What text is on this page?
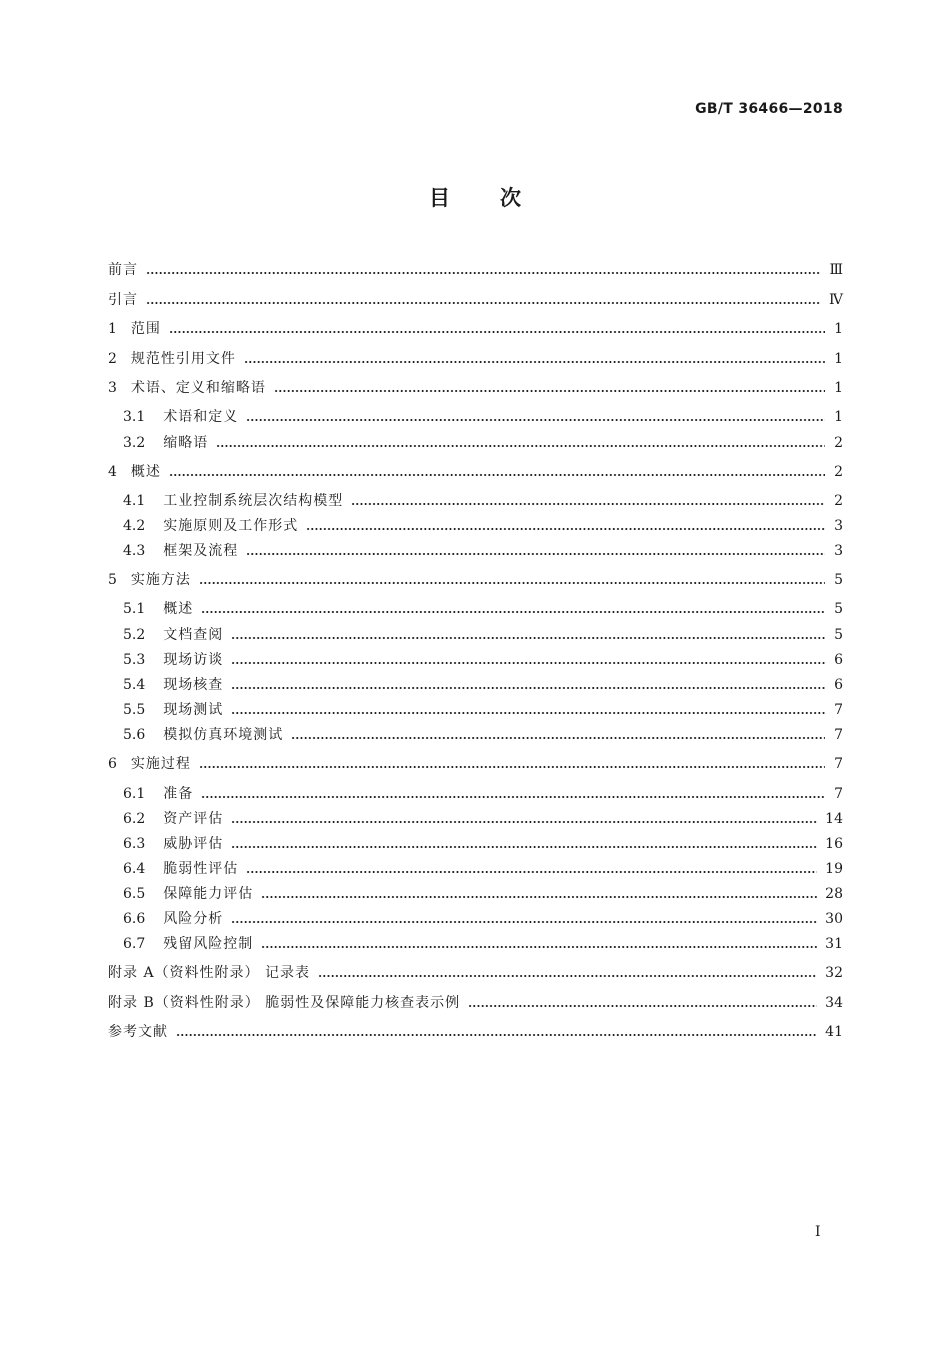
GB/T 36466—2018
目 次
前言	Ⅲ
引言	Ⅳ
1 范围	1
2 规范性引用文件	1
3 术语、定义和缩略语	1
3.1 术语和定义	1
3.2 缩略语	2
4 概述	2
4.1 工业控制系统层次结构模型	2
4.2 实施原则及工作形式	3
4.3 框架及流程	3
5 实施方法	5
5.1 概述	5
5.2 文档查阅	5
5.3 现场访谈	6
5.4 现场核查	6
5.5 现场测试	7
5.6 模拟仿真环境测试	7
6 实施过程	7
6.1 准备	7
6.2 资产评估	14
6.3 威胁评估	16
6.4 脆弱性评估	19
6.5 保障能力评估	28
6.6 风险分析	30
6.7 残留风险控制	31
附录 A（资料性附录） 记录表	32
附录 B（资料性附录） 脆弱性及保障能力核查表示例	34
参考文献	41
I
